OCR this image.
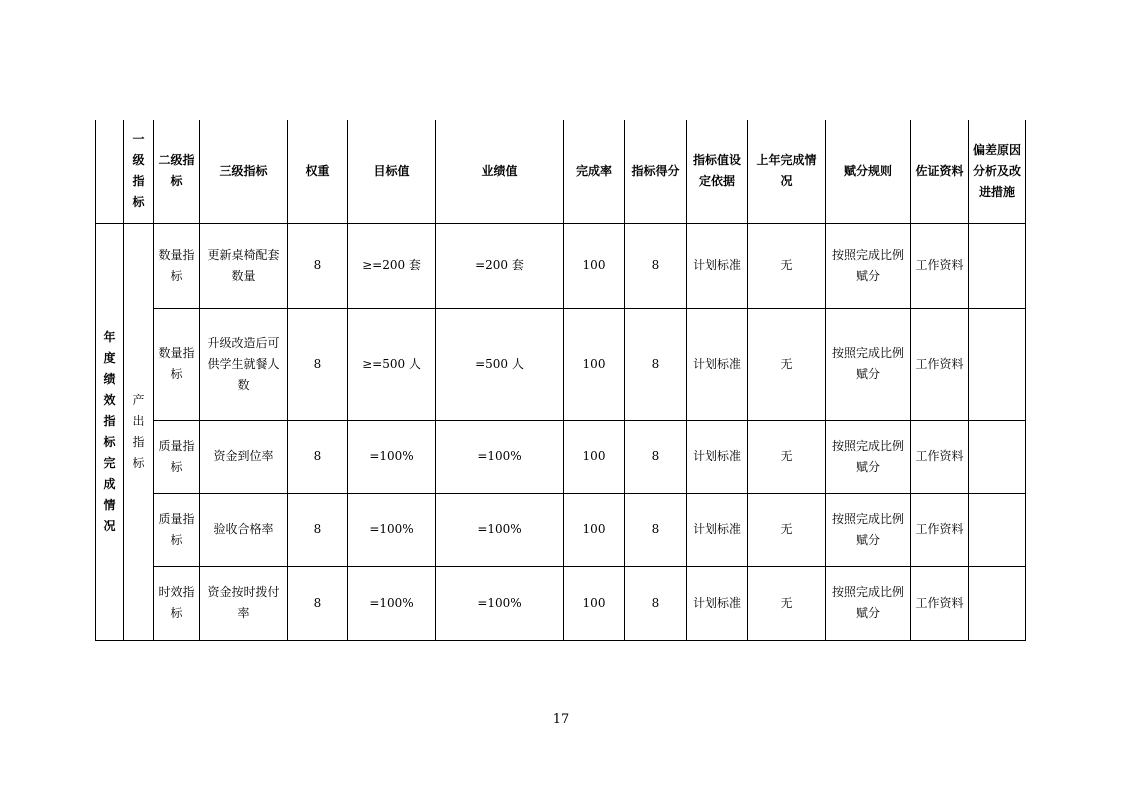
	一
级
指
标	二级指标	三级指标	权重	目标值	业绩值	完成率	指标得分	指标值设定依据	上年完成情况	赋分规则	佐证资料	偏差原因分析及改进措施
年度绩效指标完成情况	产出指标	数量指标	更新桌椅配套数量	8	≥=200 套	=200 套	100	8	计划标准	无	按照完成比例赋分	工作资料	
		数量指标	升级改造后可供学生就餐人数	8	≥=500 人	=500 人	100	8	计划标准	无	按照完成比例赋分	工作资料	
		质量指标	资金到位率	8	=100%	=100%	100	8	计划标准	无	按照完成比例赋分	工作资料	
		质量指标	验收合格率	8	=100%	=100%	100	8	计划标准	无	按照完成比例赋分	工作资料	
		时效指标	资金按时拨付率	8	=100%	=100%	100	8	计划标准	无	按照完成比例赋分	工作资料	
17
